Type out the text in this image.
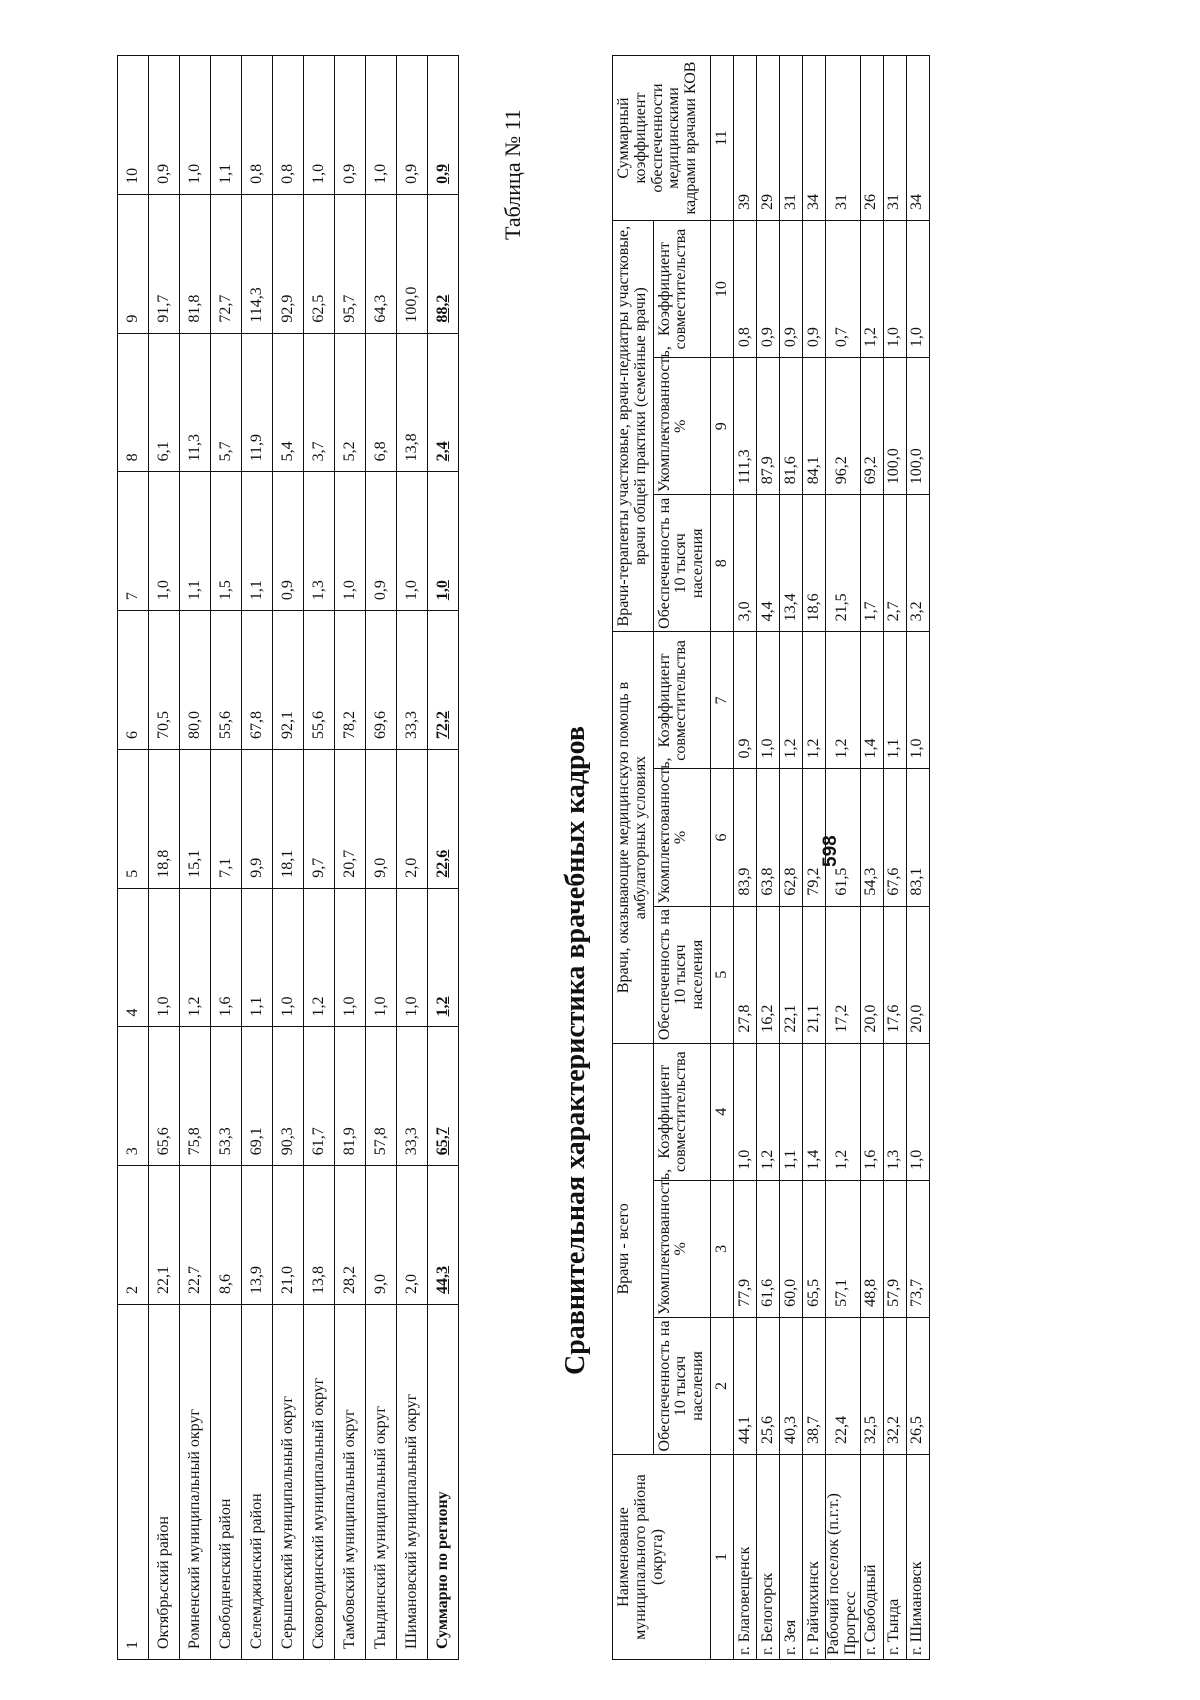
598
1	2	3	4	5	6	7	8	9	10
Октябрьский район	22,1	65,6	1,0	18,8	70,5	1,0	6,1	91,7	0,9
Ромненский муниципальный округ	22,7	75,8	1,2	15,1	80,0	1,1	11,3	81,8	1,0
Свободненский район	8,6	53,3	1,6	7,1	55,6	1,5	5,7	72,7	1,1
Селемджинский район	13,9	69,1	1,1	9,9	67,8	1,1	11,9	114,3	0,8
Серышевский муниципальный округ	21,0	90,3	1,0	18,1	92,1	0,9	5,4	92,9	0,8
Сковородинский муниципальный округ	13,8	61,7	1,2	9,7	55,6	1,3	3,7	62,5	1,0
Тамбовский муниципальный округ	28,2	81,9	1,0	20,7	78,2	1,0	5,2	95,7	0,9
Тындинский муниципальный округ	9,0	57,8	1,0	9,0	69,6	0,9	6,8	64,3	1,0
Шимановский муниципальный округ	2,0	33,3	1,0	2,0	33,3	1,0	13,8	100,0	0,9
Суммарно по региону	44,3	65,7	1,2	22,6	72,2	1,0	2,4	88,2	0,9
Сравнительная характеристика врачебных кадров
Таблица № 11
Наименование муниципального района (округа)	Врачи - всего			Врачи, оказывающие медицинскую помощь в амбулаторных условиях			Врачи-терапевты участковые, врачи-педиатры участковые, врачи общей практики (семейные врачи)			Суммарный коэффициент обеспеченности медицинскими кадрами врачами КОВ
	Обеспеченность на 10 тысяч населения	Укомплектованность, %	Коэффициент совместительства	Обеспеченность на 10 тысяч населения	Укомплектованность, %	Коэффициент совместительства	Обеспеченность на 10 тысяч населения	Укомплектованность, %	Коэффициент совместительства	
1	2	3	4	5	6	7	8	9	10	11
г. Благовещенск	44,1	77,9	1,0	27,8	83,9	0,9	3,0	111,3	0,8	39
г. Белогорск	25,6	61,6	1,2	16,2	63,8	1,0	4,4	87,9	0,9	29
г. Зея	40,3	60,0	1,1	22,1	62,8	1,2	13,4	81,6	0,9	31
г. Райчихинск	38,7	65,5	1,4	21,1	79,2	1,2	18,6	84,1	0,9	34
Рабочий поселок (п.г.т.) Прогресс	22,4	57,1	1,2	17,2	61,5	1,2	21,5	96,2	0,7	31
г. Свободный	32,5	48,8	1,6	20,0	54,3	1,4	1,7	69,2	1,2	26
г. Тында	32,2	57,9	1,3	17,6	67,6	1,1	2,7	100,0	1,0	31
г. Шимановск	26,5	73,7	1,0	20,0	83,1	1,0	3,2	100,0	1,0	34
